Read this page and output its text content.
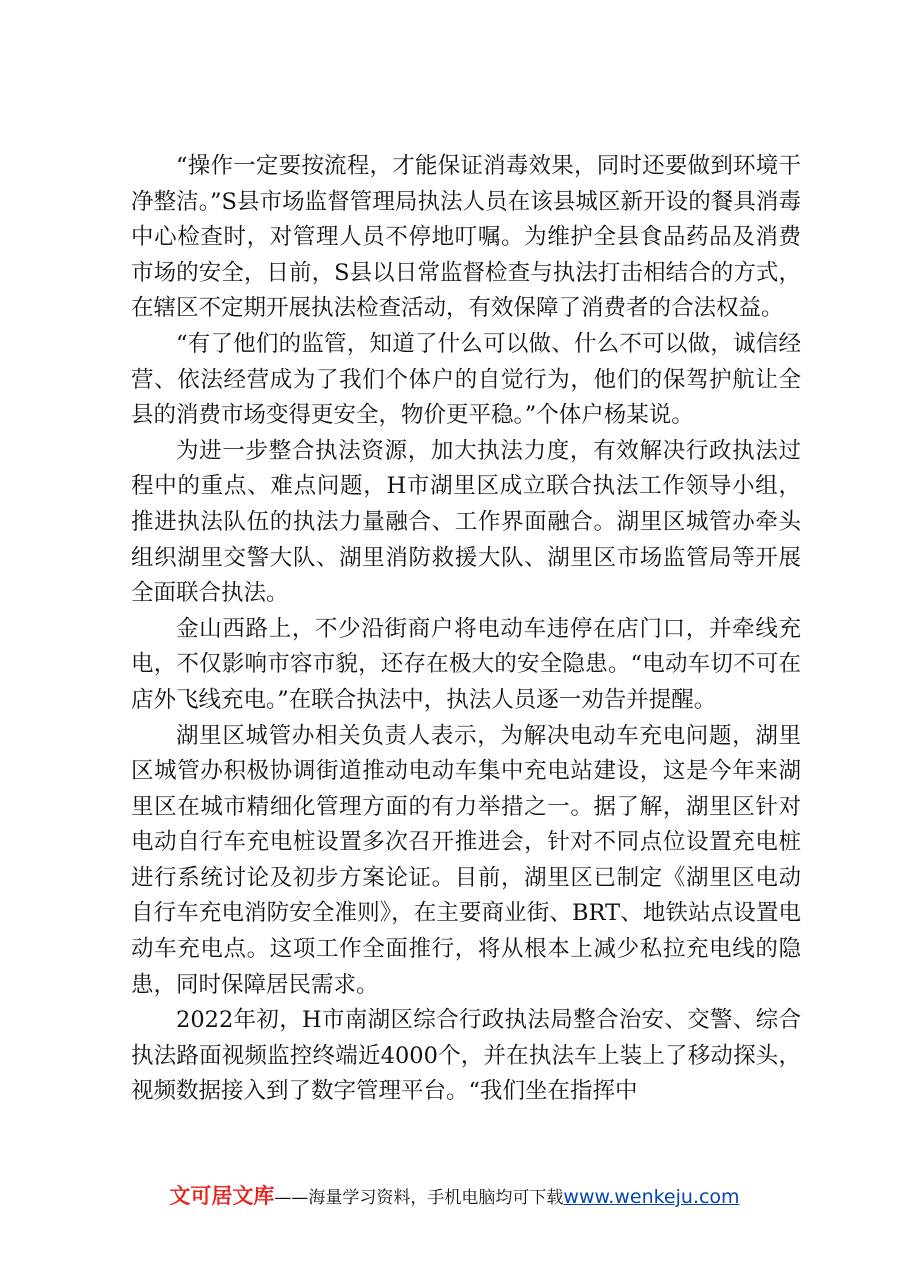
“操作一定要按流程，才能保证消毒效果，同时还要做到环境干净整洁。”S县市场监督管理局执法人员在该县城区新开设的餐具消毒中心检查时，对管理人员不停地叮嘱。为维护全县食品药品及消费市场的安全，日前，S县以日常监督检查与执法打击相结合的方式，在辖区不定期开展执法检查活动，有效保障了消费者的合法权益。

“有了他们的监管，知道了什么可以做、什么不可以做，诚信经营、依法经营成为了我们个体户的自觉行为，他们的保驾护航让全县的消费市场变得更安全，物价更平稳。”个体户杨某说。

为进一步整合执法资源，加大执法力度，有效解决行政执法过程中的重点、难点问题，H市湖里区成立联合执法工作领导小组，推进执法队伍的执法力量融合、工作界面融合。湖里区城管办牵头组织湖里交警大队、湖里消防救援大队、湖里区市场监管局等开展全面联合执法。

金山西路上，不少沿街商户将电动车违停在店门口，并牵线充电，不仅影响市容市貌，还存在极大的安全隐患。“电动车切不可在店外飞线充电。”在联合执法中，执法人员逐一劝告并提醒。

湖里区城管办相关负责人表示，为解决电动车充电问题，湖里区城管办积极协调街道推动电动车集中充电站建设，这是今年来湖里区在城市精细化管理方面的有力举措之一。据了解，湖里区针对电动自行车充电桩设置多次召开推进会，针对不同点位设置充电桩进行系统讨论及初步方案论证。目前，湖里区已制定《湖里区电动自行车充电消防安全准则》，在主要商业街、BRT、地铁站点设置电动车充电点。这项工作全面推行，将从根本上减少私拉充电线的隐患，同时保障居民需求。

2022年初，H市南湖区综合行政执法局整合治安、交警、综合执法路面视频监控终端近4000个，并在执法车上装上了移动探头，视频数据接入到了数字管理平台。“我们坐在指挥中

文可居文库——海量学习资料，手机电脑均可下载www.wenkeju.com
